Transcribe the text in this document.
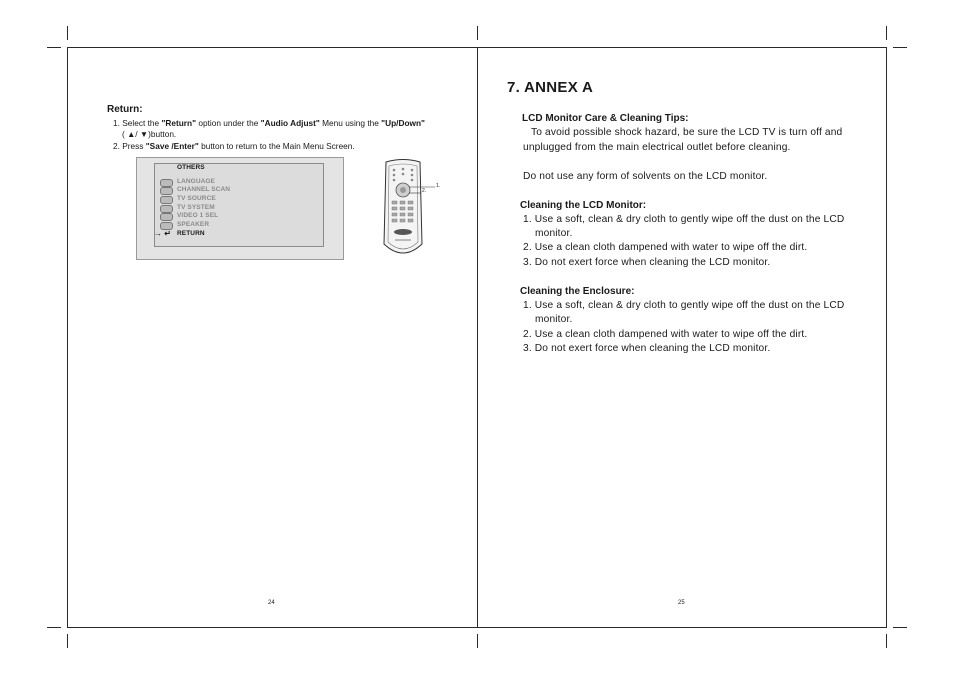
Return:
1. Select the "Return" option under the "Audio Adjust" Menu using the "Up/Down"
( ▲/ ▼)button.
2. Press "Save /Enter" button to return to the Main Menu Screen.
OTHERS
LANGUAGE
CHANNEL SCAN
TV SOURCE
TV SYSTEM
VIDEO 1 SEL
SPEAKER
→ ↵ RETURN
1.
2.
24
7. ANNEX A
LCD Monitor Care & Cleaning Tips:
To avoid possible shock hazard, be sure the LCD TV is turn off and
unplugged from the main electrical outlet before cleaning.
Do not use any form of solvents on the LCD monitor.
Cleaning the LCD Monitor:
1. Use a soft, clean & dry cloth to gently wipe off the dust on the LCD
monitor.
2. Use a clean cloth dampened with water to wipe off the dirt.
3. Do not exert force when cleaning the LCD monitor.
Cleaning the Enclosure:
1. Use a soft, clean & dry cloth to gently wipe off the dust on the LCD
monitor.
2. Use a clean cloth dampened with water to wipe off the dirt.
3. Do not exert force when cleaning the LCD monitor.
25
